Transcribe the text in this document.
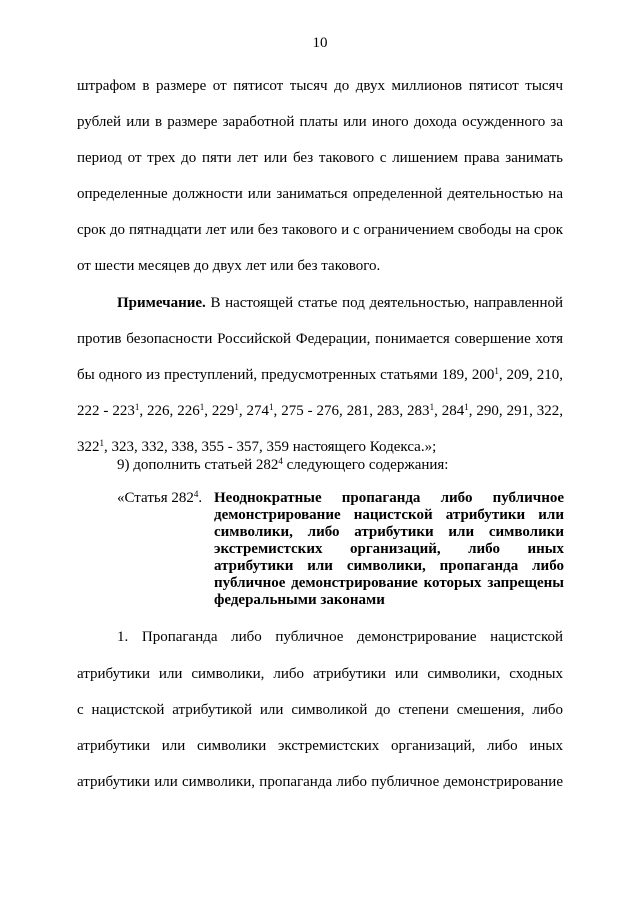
10
штрафом в размере от пятисот тысяч до двух миллионов пятисот тысяч
рублей или в размере заработной платы или иного дохода осужденного за
период от трех до пяти лет или без такового с лишением права занимать
определенные должности или заниматься определенной деятельностью на
срок до пятнадцати лет или без такового и с ограничением свободы на срок
от шести месяцев до двух лет или без такового.
Примечание. В настоящей статье под деятельностью, направленной
против безопасности Российской Федерации, понимается совершение хотя
бы одного из преступлений, предусмотренных статьями 189, $200^1$, 209, 210,
$222 - 223^1$, 226, $226^1$, $229^1$, $274^1$, 275 - 276, 281, 283, $283^1$, $284^1$, 290, 291, 322,
$322^1$, 323, 332, 338, 355 - 357, 359 настоящего Кодекса.»;
9) дополнить статьей $282^4$ следующего содержания:
«Статья $282^4$. Неоднократные пропаганда либо публичное
демонстрирование нацистской атрибутики или
символики, либо атрибутики или символики
экстремистских организаций, либо иных
атрибутики или символики, пропаганда либо
публичное демонстрирование которых запрещены
федеральными законами
1. Пропаганда либо публичное демонстрирование нацистской
атрибутики или символики, либо атрибутики или символики, сходных
с нацистской атрибутикой или символикой до степени смешения, либо
атрибутики или символики экстремистских организаций, либо иных
атрибутики или символики, пропаганда либо публичное демонстрирование
